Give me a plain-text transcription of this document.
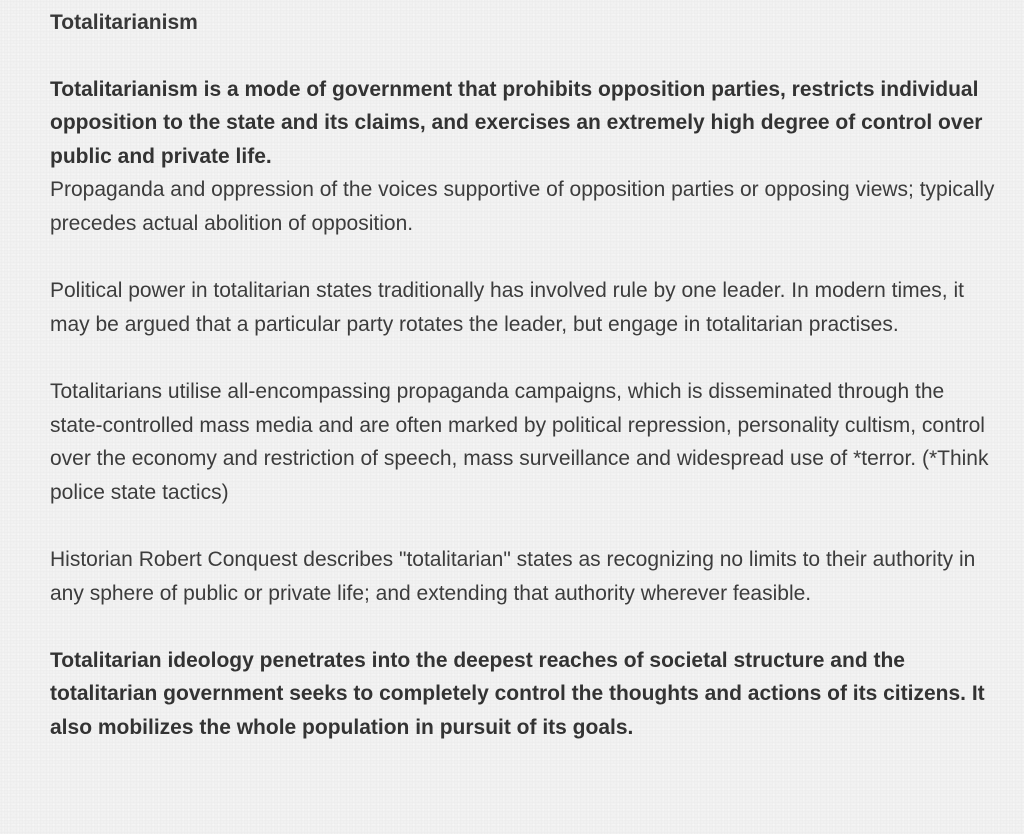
Totalitarianism

Totalitarianism is a mode of government that prohibits opposition parties, restricts individual opposition to the state and its claims, and exercises an extremely high degree of control over public and private life.

Propaganda and oppression of the voices supportive of opposition parties or opposing views; typically precedes actual abolition of opposition.

Political power in totalitarian states traditionally has involved rule by one leader. In modern times, it may be argued that a particular party rotates the leader, but engage in totalitarian practises.

Totalitarians utilise all-encompassing propaganda campaigns, which is disseminated through the state-controlled mass media and are often marked by political repression, personality cultism, control over the economy and restriction of speech, mass surveillance and widespread use of *terror. (*Think police state tactics)

Historian Robert Conquest describes "totalitarian" states as recognizing no limits to their authority in any sphere of public or private life; and extending that authority wherever feasible.

Totalitarian ideology penetrates into the deepest reaches of societal structure and the totalitarian government seeks to completely control the thoughts and actions of its citizens. It also mobilizes the whole population in pursuit of its goals.
